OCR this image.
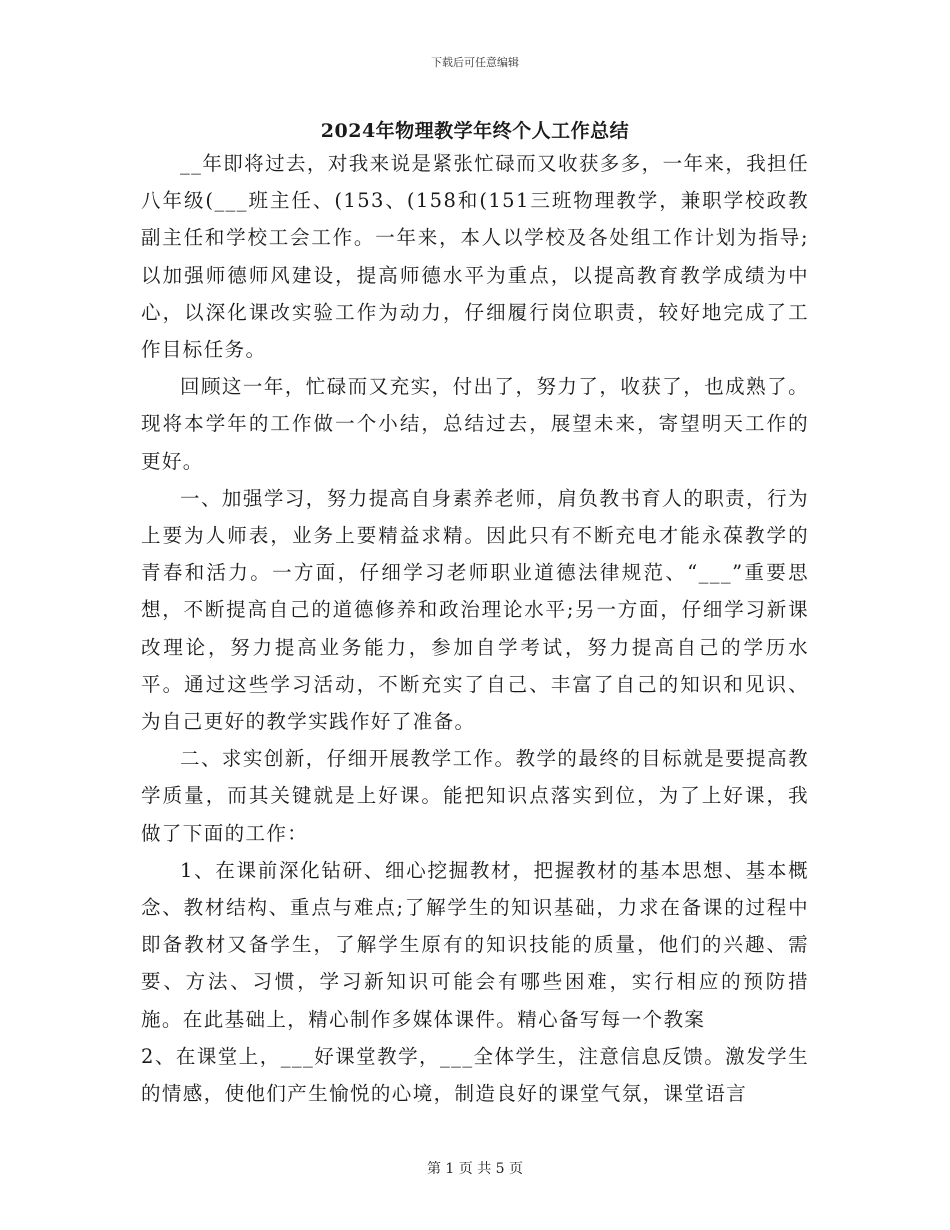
下载后可任意编辑
2024年物理教学年终个人工作总结

__年即将过去，对我来说是紧张忙碌而又收获多多，一年来，我担任八年级(___班主任、(153、(158和(151三班物理教学，兼职学校政教副主任和学校工会工作。一年来，本人以学校及各处组工作计划为指导;以加强师德师风建设，提高师德水平为重点，以提高教育教学成绩为中心，以深化课改实验工作为动力，仔细履行岗位职责，较好地完成了工作目标任务。

回顾这一年，忙碌而又充实，付出了，努力了，收获了，也成熟了。现将本学年的工作做一个小结，总结过去，展望未来，寄望明天工作的更好。

一、加强学习，努力提高自身素养老师，肩负教书育人的职责，行为上要为人师表，业务上要精益求精。因此只有不断充电才能永葆教学的青春和活力。一方面，仔细学习老师职业道德法律规范、“___”重要思想，不断提高自己的道德修养和政治理论水平;另一方面，仔细学习新课改理论，努力提高业务能力，参加自学考试，努力提高自己的学历水平。通过这些学习活动，不断充实了自己、丰富了自己的知识和见识、为自己更好的教学实践作好了准备。

二、求实创新，仔细开展教学工作。教学的最终的目标就是要提高教学质量，而其关键就是上好课。能把知识点落实到位，为了上好课，我做了下面的工作：

1、在课前深化钻研、细心挖掘教材，把握教材的基本思想、基本概念、教材结构、重点与难点;了解学生的知识基础，力求在备课的过程中即备教材又备学生，了解学生原有的知识技能的质量，他们的兴趣、需要、方法、习惯，学习新知识可能会有哪些困难，实行相应的预防措施。在此基础上，精心制作多媒体课件。精心备写每一个教案

2、在课堂上，___好课堂教学，___全体学生，注意信息反馈。激发学生的情感，使他们产生愉悦的心境，制造良好的课堂气氛，课堂语言

第 1 页 共 5 页
